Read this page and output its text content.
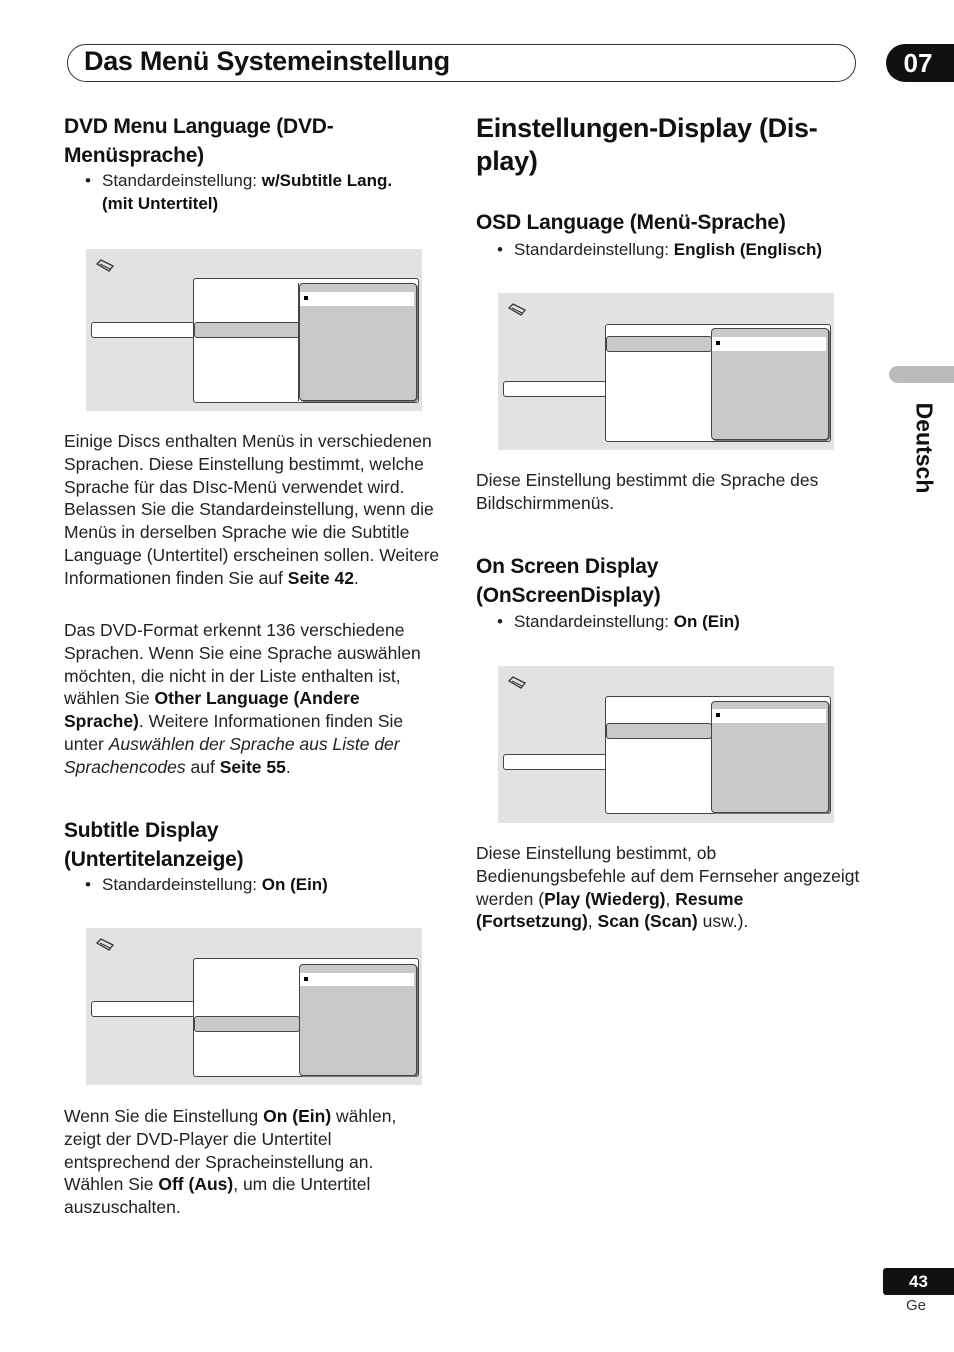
Das Menü Systemeinstellung	07
Deutsch
DVD Menu Language (DVD-
Menüsprache)
• Standardeinstellung: w/Subtitle Lang.
(mit Untertitel)
Einige Discs enthalten Menüs in verschiedenen Sprachen. Diese Einstellung bestimmt, welche Sprache für das DIsc-Menü verwendet wird. Belassen Sie die Standardeinstellung, wenn die Menüs in derselben Sprache wie die Subtitle Language (Untertitel) erscheinen sollen. Weitere Informationen finden Sie auf Seite 42.
Das DVD-Format erkennt 136 verschiedene Sprachen. Wenn Sie eine Sprache auswählen möchten, die nicht in der Liste enthalten ist, wählen Sie Other Language (Andere Sprache). Weitere Informationen finden Sie unter Auswählen der Sprache aus Liste der Sprachencodes auf Seite 55.
Subtitle Display
(Untertitelanzeige)
• Standardeinstellung: On (Ein)
Wenn Sie die Einstellung On (Ein) wählen, zeigt der DVD-Player die Untertitel entsprechend der Spracheinstellung an. Wählen Sie Off (Aus), um die Untertitel auszuschalten.
Einstellungen-Display (Dis-
play)
OSD Language (Menü-Sprache)
• Standardeinstellung: English (Englisch)
Diese Einstellung bestimmt die Sprache des Bildschirmmenüs.
On Screen Display
(OnScreenDisplay)
• Standardeinstellung: On (Ein)
Diese Einstellung bestimmt, ob Bedienungsbefehle auf dem Fernseher angezeigt werden (Play (Wiederg), Resume (Fortsetzung), Scan (Scan) usw.).
43
Ge
